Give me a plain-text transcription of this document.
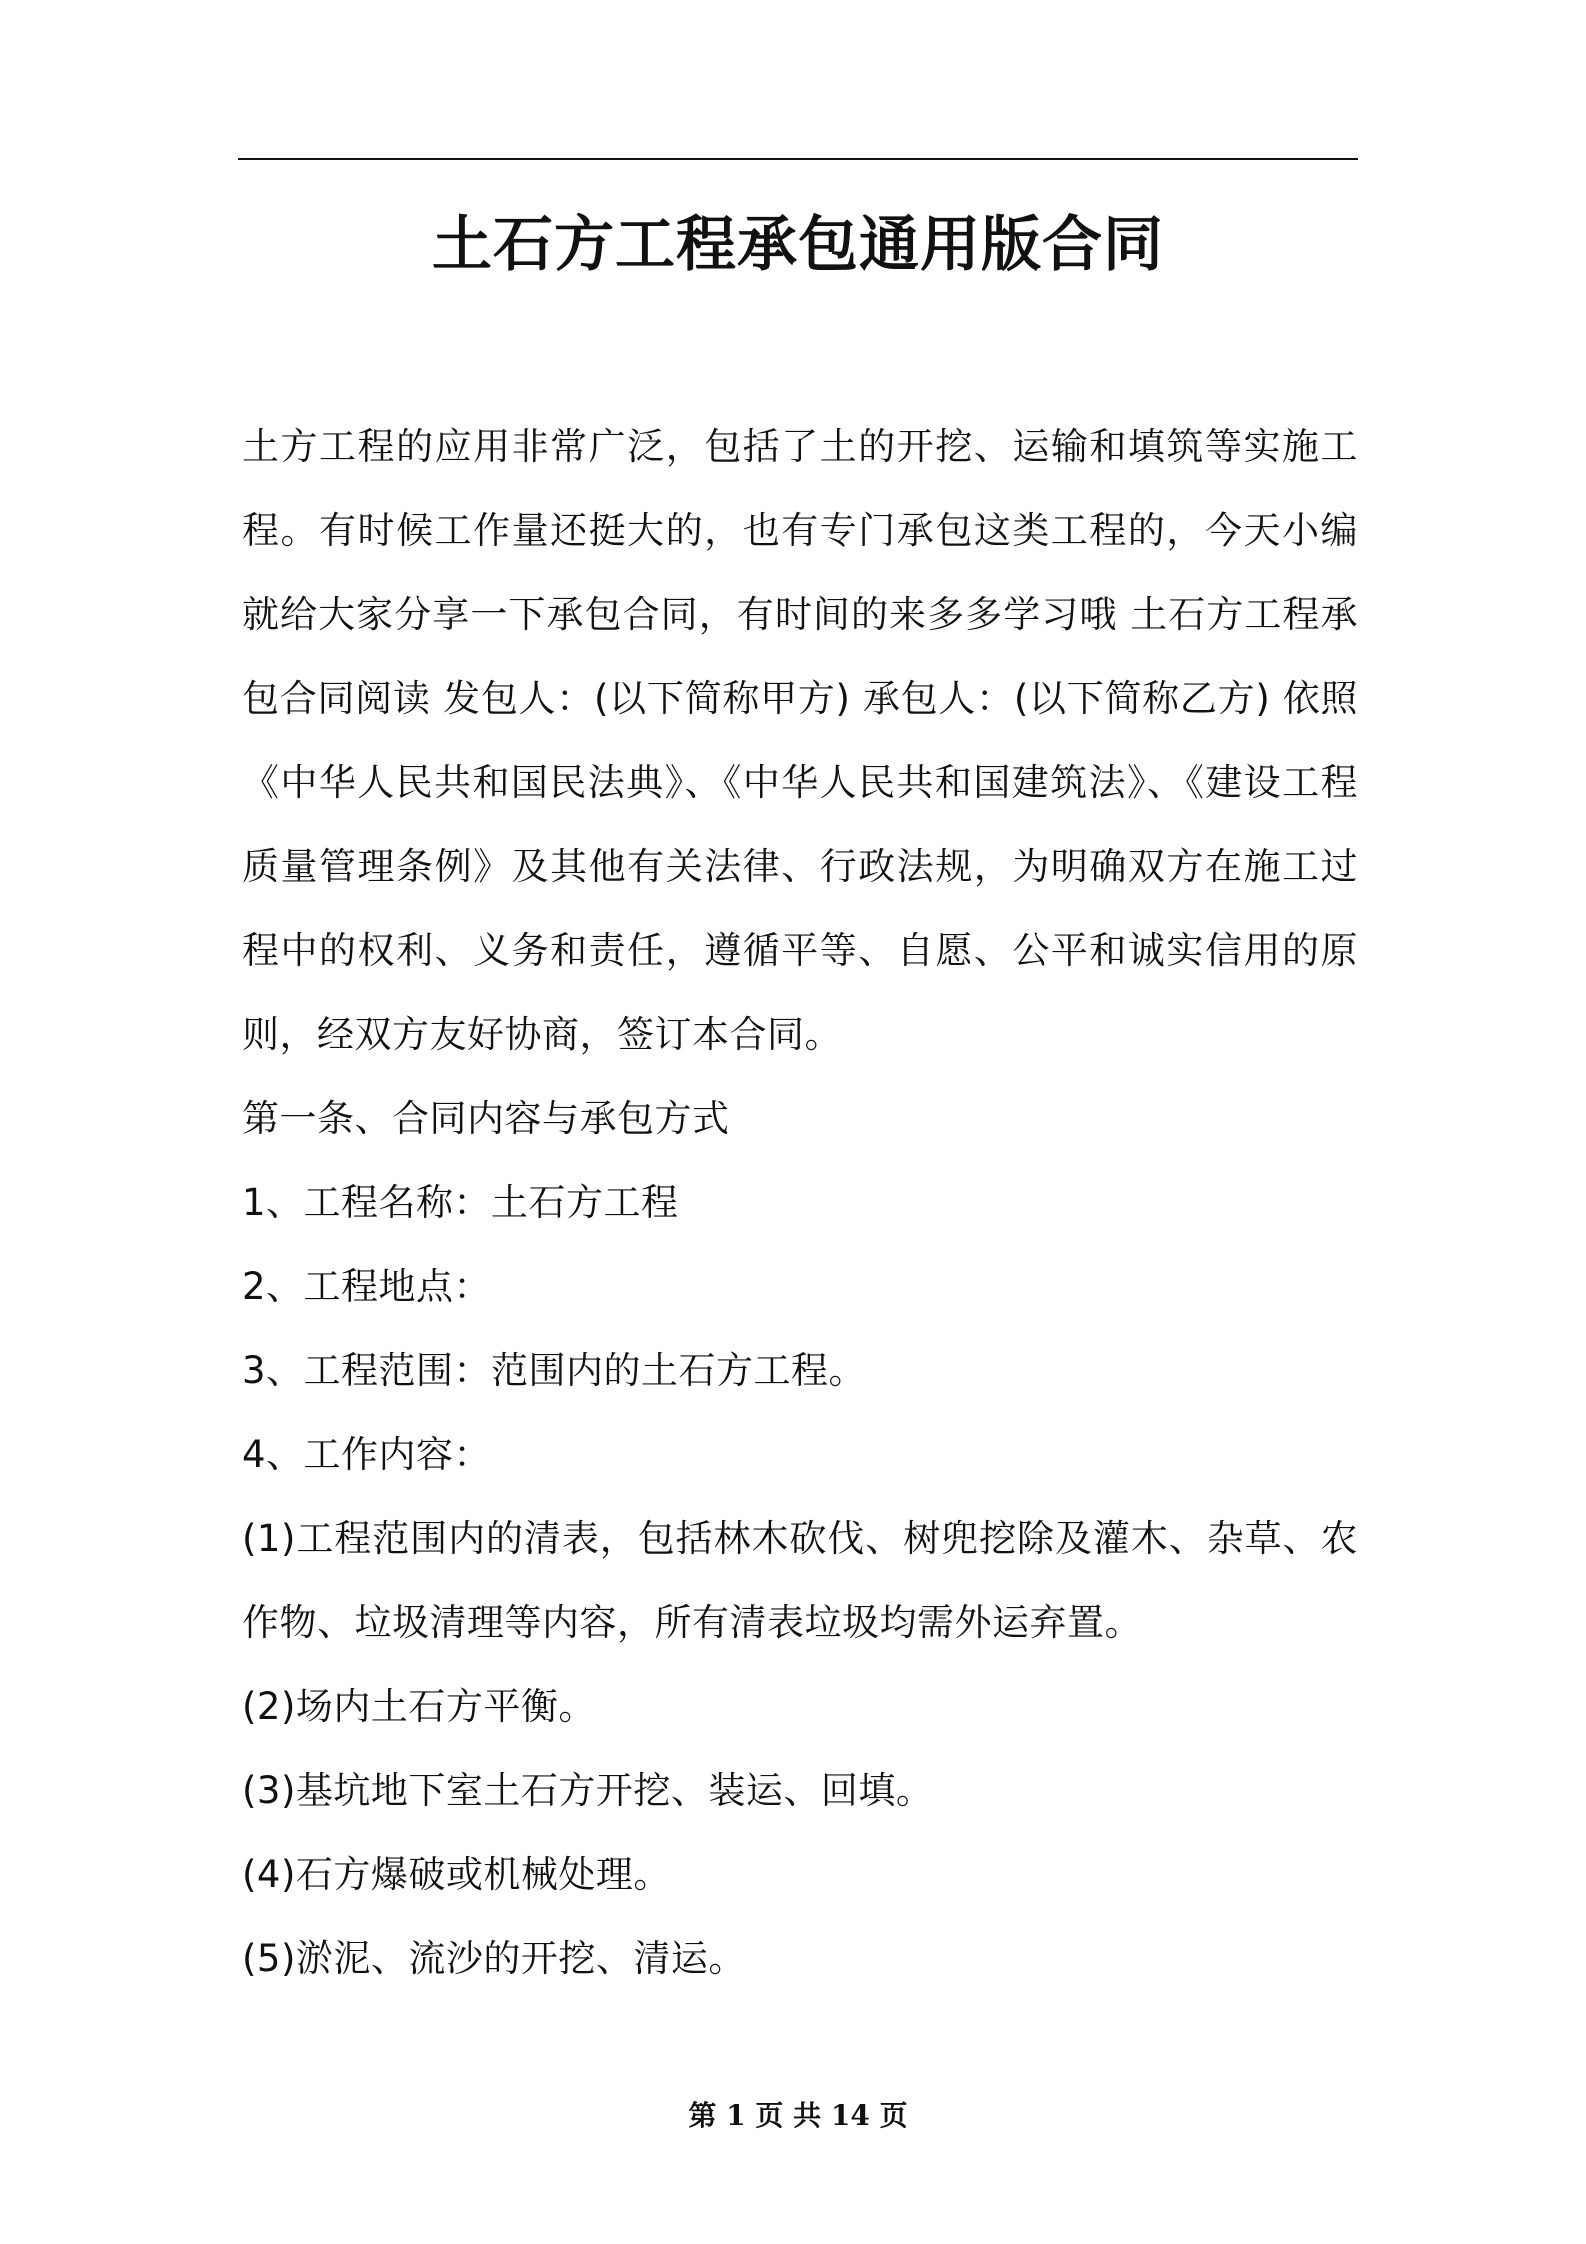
土石方工程承包通用版合同

土方工程的应用非常广泛，包括了土的开挖、运输和填筑等实施工程。有时候工作量还挺大的，也有专门承包这类工程的，今天小编就给大家分享一下承包合同，有时间的来多多学习哦 土石方工程承包合同阅读 发包人：(以下简称甲方) 承包人：(以下简称乙方) 依照《中华人民共和国民法典》、《中华人民共和国建筑法》、《建设工程质量管理条例》及其他有关法律、行政法规，为明确双方在施工过程中的权利、义务和责任，遵循平等、自愿、公平和诚实信用的原则，经双方友好协商，签订本合同。

第一条、合同内容与承包方式

1、工程名称：土石方工程

2、工程地点：

3、工程范围：范围内的土石方工程。

4、工作内容：

(1)工程范围内的清表，包括林木砍伐、树兜挖除及灌木、杂草、农作物、垃圾清理等内容，所有清表垃圾均需外运弃置。

(2)场内土石方平衡。

(3)基坑地下室土石方开挖、装运、回填。

(4)石方爆破或机械处理。

(5)淤泥、流沙的开挖、清运。

第 1 页 共 14 页
